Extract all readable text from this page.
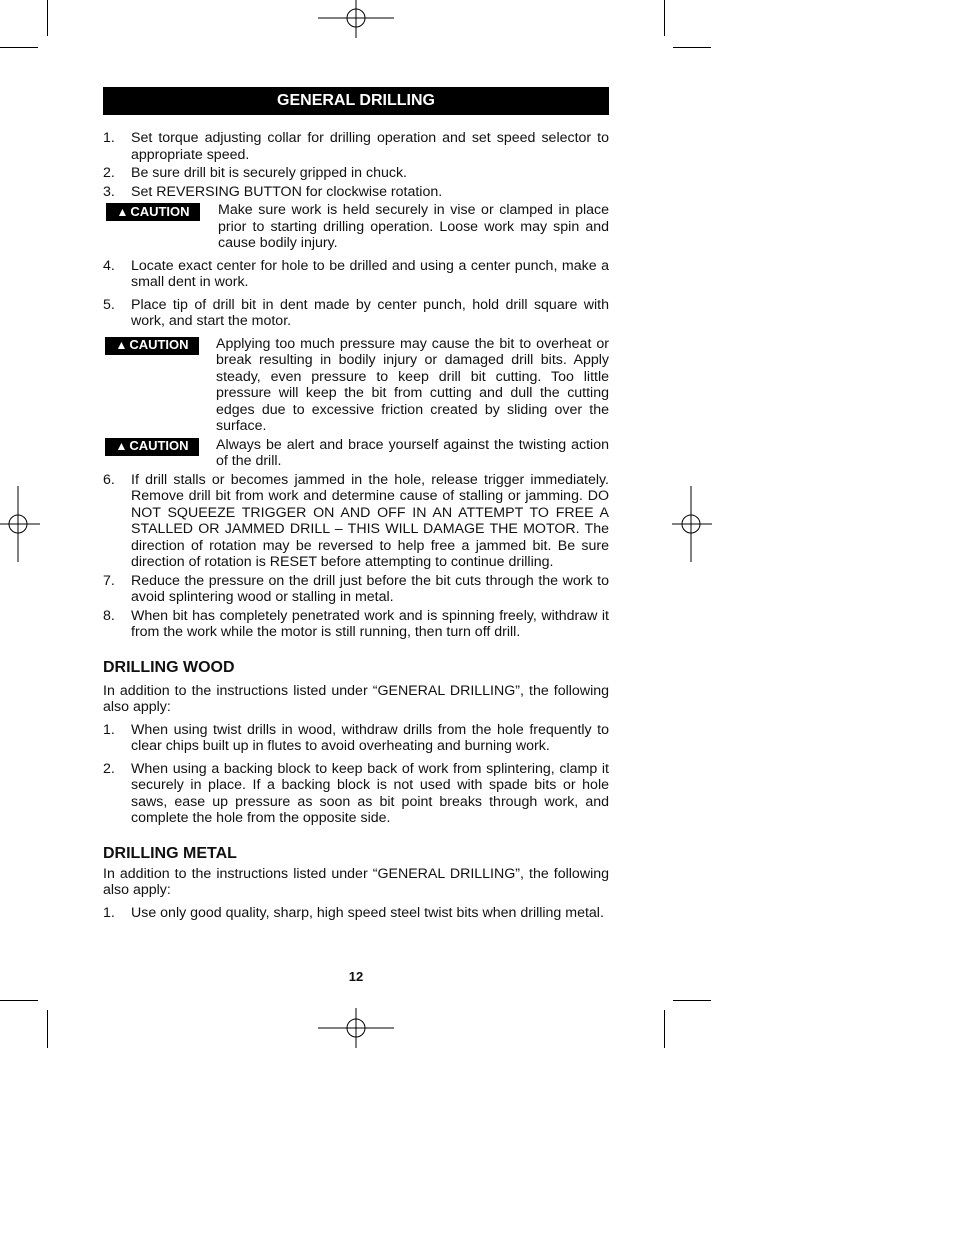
GENERAL DRILLING
1.	Set torque adjusting collar for drilling operation and set speed selector to appropriate speed.
2.	Be sure drill bit is securely gripped in chuck.
3.	Set REVERSING BUTTON for clockwise rotation.
▲ CAUTION Make sure work is held securely in vise or clamped in place prior to starting drilling operation. Loose work may spin and cause bodily injury.
4.	Locate exact center for hole to be drilled and using a center punch, make a small dent in work.
5.	Place tip of drill bit in dent made by center punch, hold drill square with work, and start the motor.
▲ CAUTION Applying too much pressure may cause the bit to overheat or break resulting in bodily injury or damaged drill bits. Apply steady, even pressure to keep drill bit cutting. Too little pressure will keep the bit from cutting and dull the cutting edges due to excessive friction created by sliding over the surface.
▲ CAUTION Always be alert and brace yourself against the twisting action of the drill.
6.	If drill stalls or becomes jammed in the hole, release trigger immediately. Remove drill bit from work and determine cause of stalling or jamming. DO NOT SQUEEZE TRIGGER ON AND OFF IN AN ATTEMPT TO FREE A STALLED OR JAMMED DRILL – THIS WILL DAMAGE THE MOTOR. The direction of rotation may be reversed to help free a jammed bit. Be sure direction of rotation is RESET before attempting to continue drilling.
7.	Reduce the pressure on the drill just before the bit cuts through the work to avoid splintering wood or stalling in metal.
8.	When bit has completely penetrated work and is spinning freely, withdraw it from the work while the motor is still running, then turn off drill.
DRILLING WOOD

In addition to the instructions listed under “GENERAL DRILLING”, the following also apply:

1.	When using twist drills in wood, withdraw drills from the hole frequently to clear chips built up in flutes to avoid overheating and burning work.
2.	When using a backing block to keep back of work from splintering, clamp it securely in place. If a backing block is not used with spade bits or hole saws, ease up pressure as soon as bit point breaks through work, and complete the hole from the opposite side.
DRILLING METAL

In addition to the instructions listed under “GENERAL DRILLING”, the following also apply:

1.	Use only good quality, sharp, high speed steel twist bits when drilling metal.
12
